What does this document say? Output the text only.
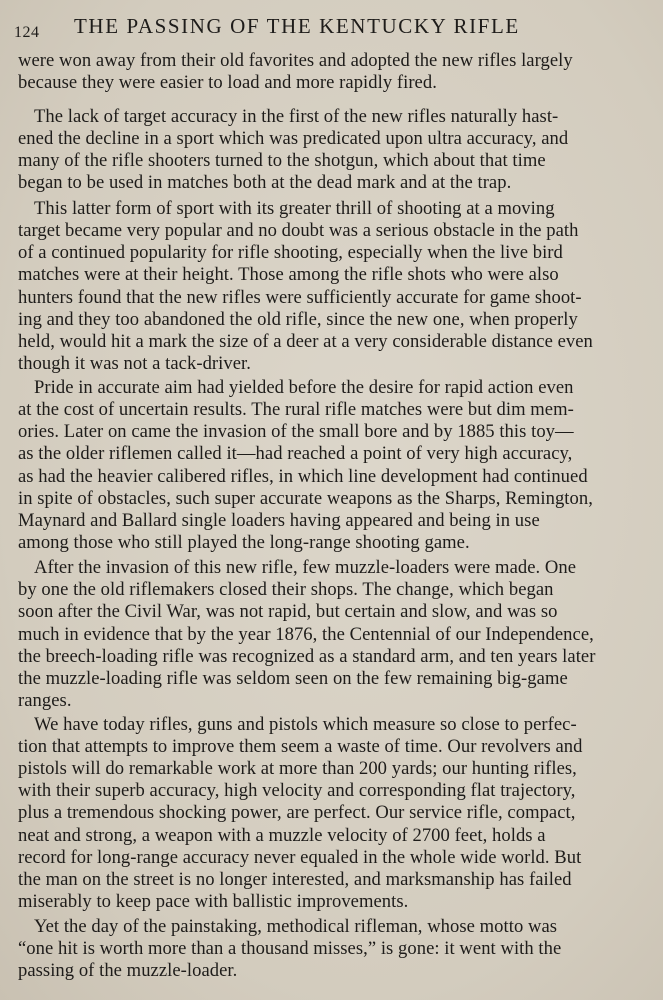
124 THE PASSING OF THE KENTUCKY RIFLE
were won away from their old favorites and adopted the new rifles largely
because they were easier to load and more rapidly fired.
The lack of target accuracy in the first of the new rifles naturally hast-
ened the decline in a sport which was predicated upon ultra accuracy, and
many of the rifle shooters turned to the shotgun, which about that time
began to be used in matches both at the dead mark and at the trap.
This latter form of sport with its greater thrill of shooting at a moving
target became very popular and no doubt was a serious obstacle in the path
of a continued popularity for rifle shooting, especially when the live bird
matches were at their height. Those among the rifle shots who were also
hunters found that the new rifles were sufficiently accurate for game shoot-
ing and they too abandoned the old rifle, since the new one, when properly
held, would hit a mark the size of a deer at a very considerable distance even
though it was not a tack-driver.
Pride in accurate aim had yielded before the desire for rapid action even
at the cost of uncertain results. The rural rifle matches were but dim mem-
ories. Later on came the invasion of the small bore and by 1885 this toy—
as the older riflemen called it—had reached a point of very high accuracy,
as had the heavier calibered rifles, in which line development had continued
in spite of obstacles, such super accurate weapons as the Sharps, Remington,
Maynard and Ballard single loaders having appeared and being in use
among those who still played the long-range shooting game.
After the invasion of this new rifle, few muzzle-loaders were made. One
by one the old riflemakers closed their shops. The change, which began
soon after the Civil War, was not rapid, but certain and slow, and was so
much in evidence that by the year 1876, the Centennial of our Independence,
the breech-loading rifle was recognized as a standard arm, and ten years later
the muzzle-loading rifle was seldom seen on the few remaining big-game
ranges.
We have today rifles, guns and pistols which measure so close to perfec-
tion that attempts to improve them seem a waste of time. Our revolvers and
pistols will do remarkable work at more than 200 yards; our hunting rifles,
with their superb accuracy, high velocity and corresponding flat trajectory,
plus a tremendous shocking power, are perfect. Our service rifle, compact,
neat and strong, a weapon with a muzzle velocity of 2700 feet, holds a
record for long-range accuracy never equaled in the whole wide world. But
the man on the street is no longer interested, and marksmanship has failed
miserably to keep pace with ballistic improvements.
Yet the day of the painstaking, methodical rifleman, whose motto was
“one hit is worth more than a thousand misses,” is gone: it went with the
passing of the muzzle-loader.
